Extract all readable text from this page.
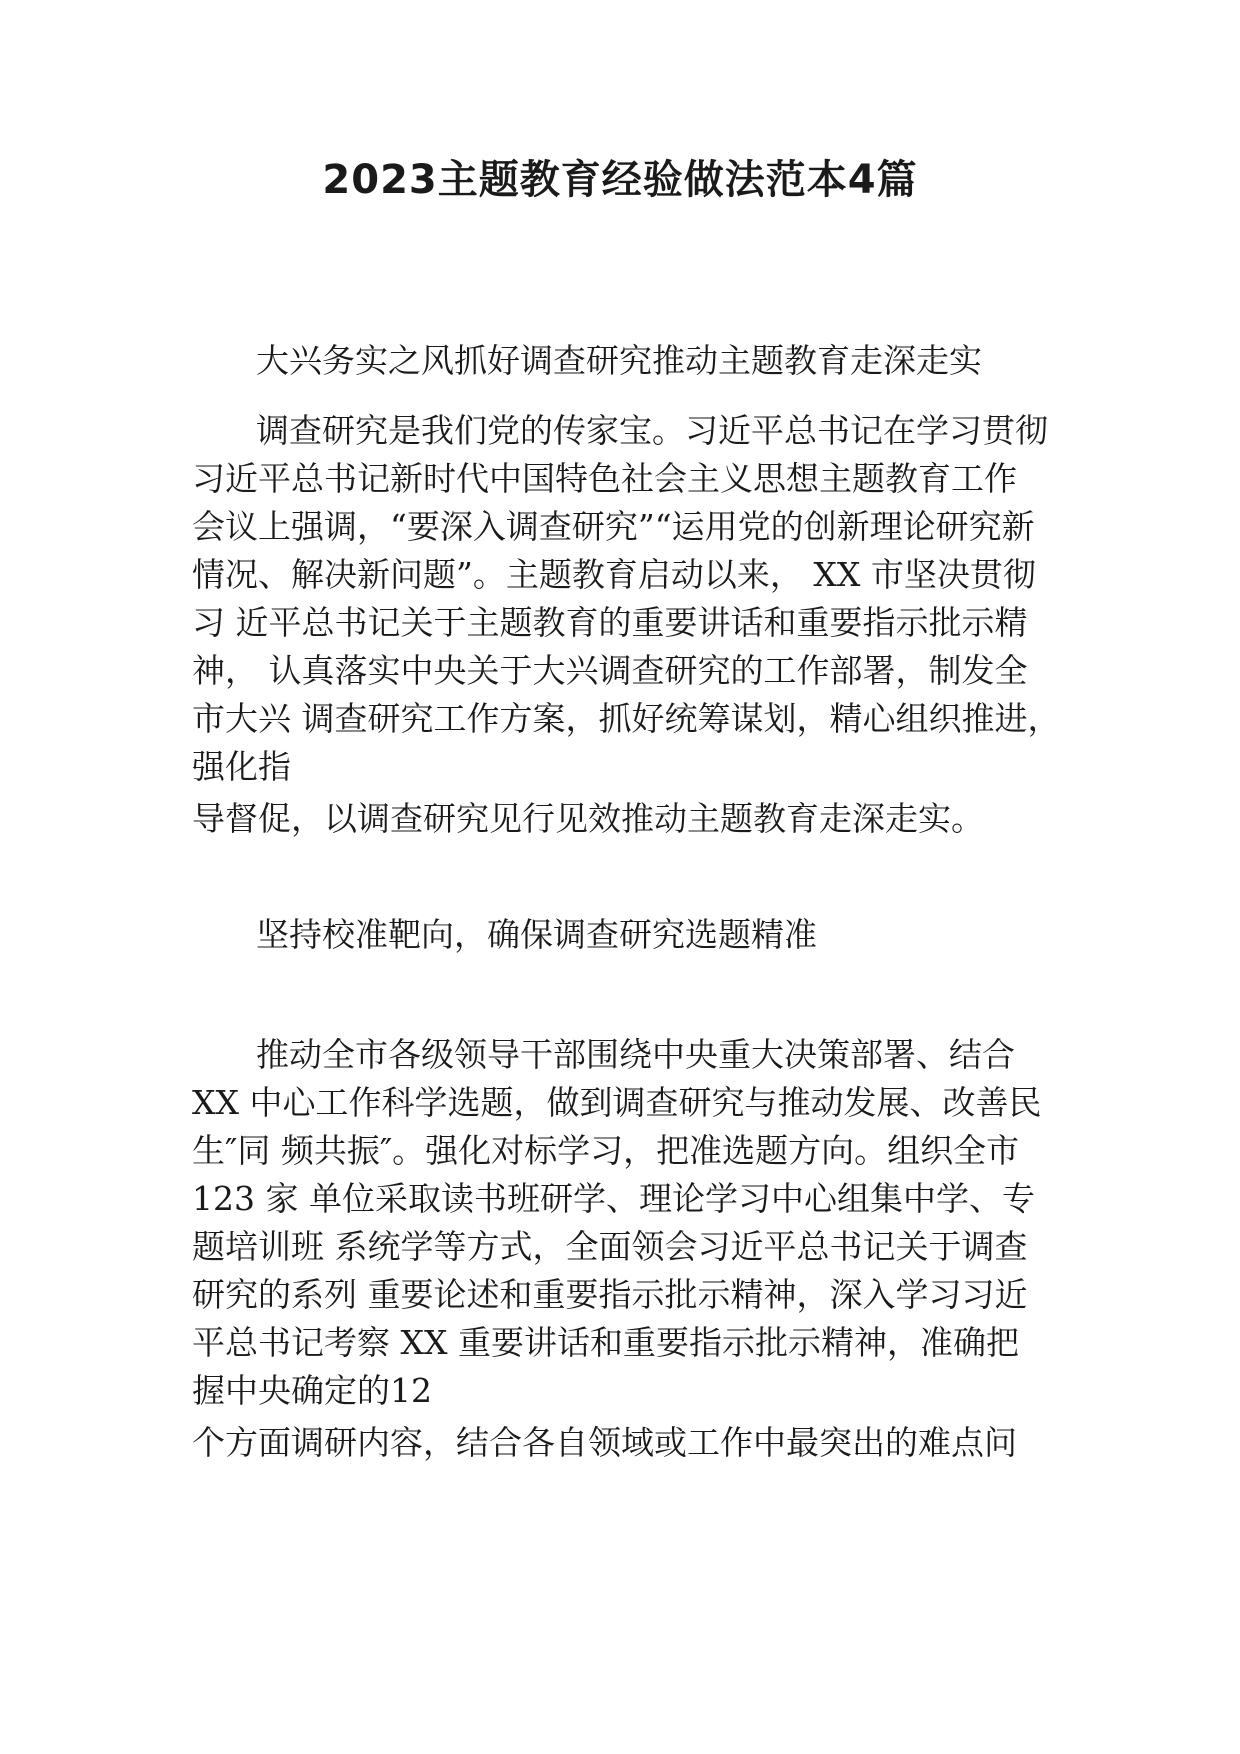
2023主题教育经验做法范本4篇

大兴务实之风抓好调查研究推动主题教育走深走实

调查研究是我们党的传家宝。习近平总书记在学习贯彻

习近平总书记新时代中国特色社会主义思想主题教育工作

会议上强调，“要深入调查研究”“运用党的创新理论研究新

情况、解决新问题”。主题教育启动以来， XX 市坚决贯彻

习 近平总书记关于主题教育的重要讲话和重要指示批示精

神， 认真落实中央关于大兴调查研究的工作部署，制发全

市大兴 调查研究工作方案，抓好统筹谋划，精心组织推进，

强化指

导督促，以调查研究见行见效推动主题教育走深走实。

坚持校准靶向，确保调查研究选题精准

推动全市各级领导干部围绕中央重大决策部署、结合

XX 中心工作科学选题，做到调查研究与推动发展、改善民

生″同 频共振″。强化对标学习，把准选题方向。组织全市

123 家 单位采取读书班研学、理论学习中心组集中学、专

题培训班 系统学等方式，全面领会习近平总书记关于调查

研究的系列 重要论述和重要指示批示精神，深入学习习近

平总书记考察 XX 重要讲话和重要指示批示精神，准确把

握中央确定的12

个方面调研内容，结合各自领域或工作中最突出的难点问
